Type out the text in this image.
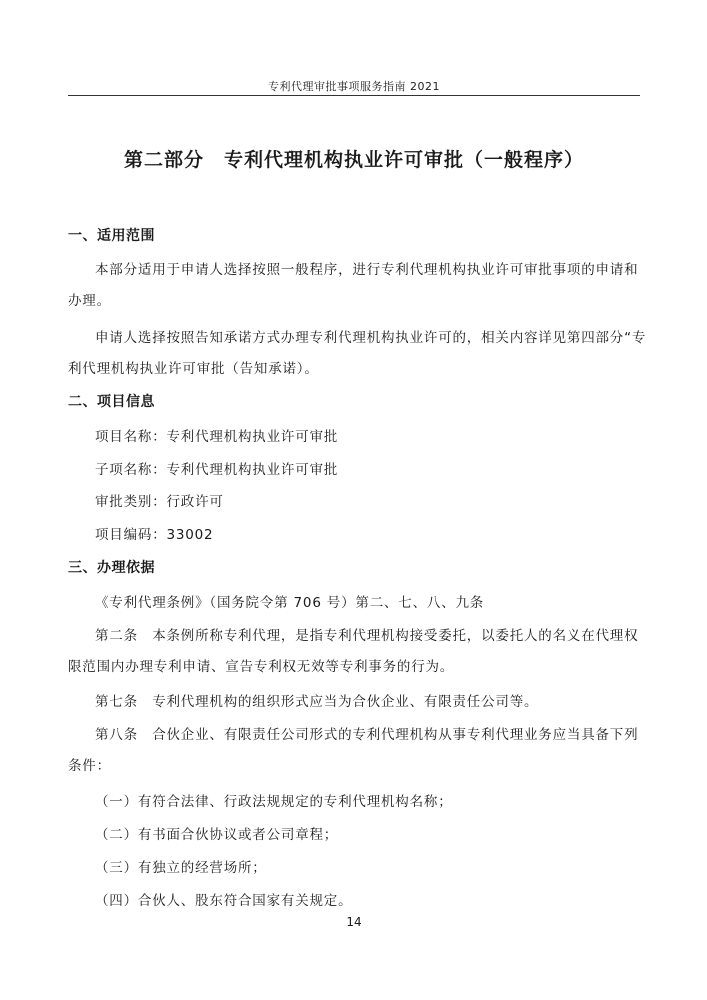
专利代理审批事项服务指南 2021
第二部分　专利代理机构执业许可审批（一般程序）
一、适用范围
本部分适用于申请人选择按照一般程序，进行专利代理机构执业许可审批事项的申请和
办理。
申请人选择按照告知承诺方式办理专利代理机构执业许可的，相关内容详见第四部分“专
利代理机构执业许可审批（告知承诺）。
二、项目信息
项目名称：专利代理机构执业许可审批
子项名称：专利代理机构执业许可审批
审批类别：行政许可
项目编码：33002
三、办理依据
《专利代理条例》（国务院令第 706 号）第二、七、八、九条
第二条　本条例所称专利代理，是指专利代理机构接受委托，以委托人的名义在代理权
限范围内办理专利申请、宣告专利权无效等专利事务的行为。
第七条　专利代理机构的组织形式应当为合伙企业、有限责任公司等。
第八条　合伙企业、有限责任公司形式的专利代理机构从事专利代理业务应当具备下列
条件：
（一）有符合法律、行政法规规定的专利代理机构名称；
（二）有书面合伙协议或者公司章程；
（三）有独立的经营场所；
（四）合伙人、股东符合国家有关规定。
14
